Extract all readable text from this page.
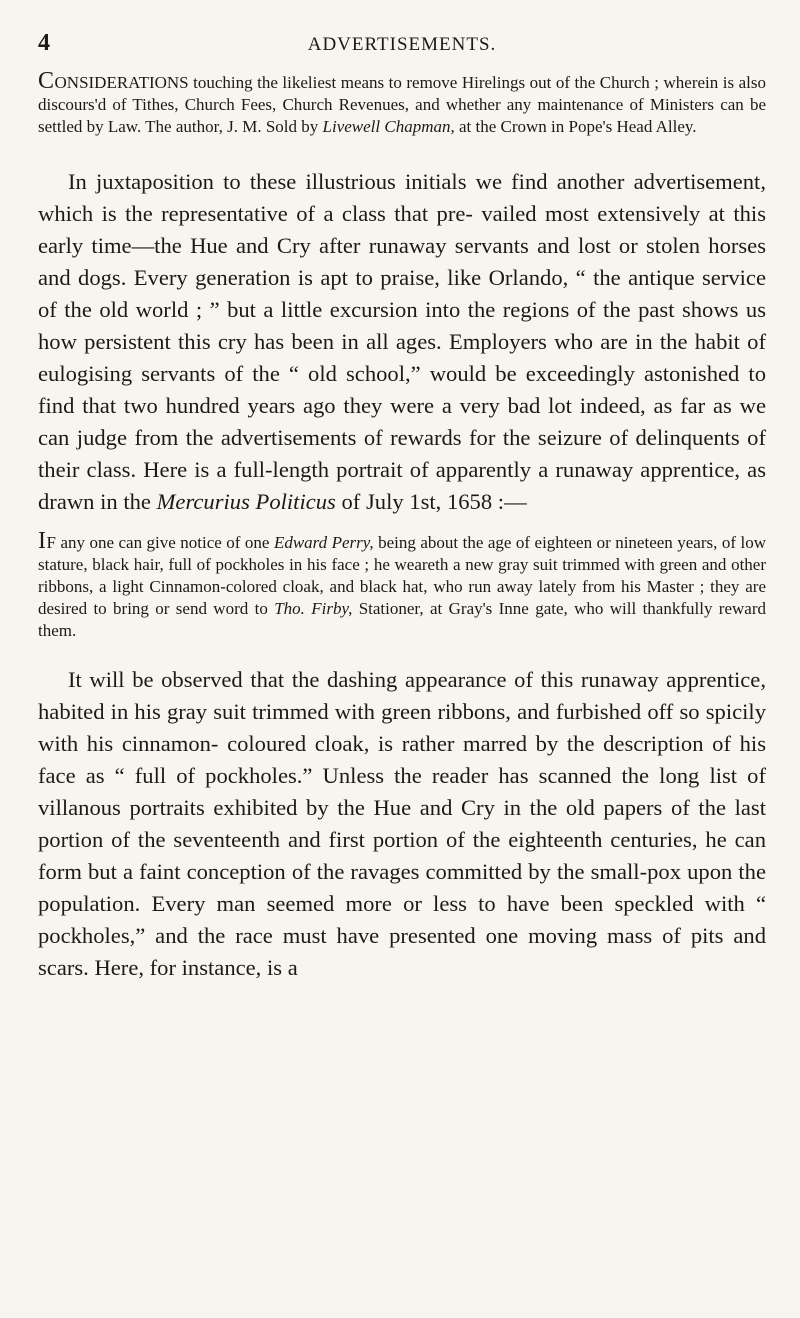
4	ADVERTISEMENTS.

CONSIDERATIONS touching the likeliest means to remove Hirelings out of the Church ; wherein is also discours'd of Tithes, Church Fees, Church Revenues, and whether any maintenance of Ministers can be settled by Law. The author, J. M. Sold by Livewell Chapman, at the Crown in Pope's Head Alley.

In juxtaposition to these illustrious initials we find another advertisement, which is the representative of a class that pre- vailed most extensively at this early time—the Hue and Cry after runaway servants and lost or stolen horses and dogs. Every generation is apt to praise, like Orlando, “ the antique service of the old world ; ” but a little excursion into the regions of the past shows us how persistent this cry has been in all ages. Employers who are in the habit of eulogising servants of the “ old school,” would be exceedingly astonished to find that two hundred years ago they were a very bad lot indeed, as far as we can judge from the advertisements of rewards for the seizure of delinquents of their class. Here is a full-length portrait of apparently a runaway apprentice, as drawn in the Mercurius Politicus of July 1st, 1658 :—

IF any one can give notice of one Edward Perry, being about the age of eighteen or nineteen years, of low stature, black hair, full of pockholes in his face ; he weareth a new gray suit trimmed with green and other ribbons, a light Cinnamon-colored cloak, and black hat, who run away lately from his Master ; they are desired to bring or send word to Tho. Firby, Stationer, at Gray's Inne gate, who will thankfully reward them.

It will be observed that the dashing appearance of this runaway apprentice, habited in his gray suit trimmed with green ribbons, and furbished off so spicily with his cinnamon- coloured cloak, is rather marred by the description of his face as “ full of pockholes.” Unless the reader has scanned the long list of villanous portraits exhibited by the Hue and Cry in the old papers of the last portion of the seventeenth and first portion of the eighteenth centuries, he can form but a faint conception of the ravages committed by the small-pox upon the population. Every man seemed more or less to have been speckled with “ pockholes,” and the race must have presented one moving mass of pits and scars. Here, for instance, is a
